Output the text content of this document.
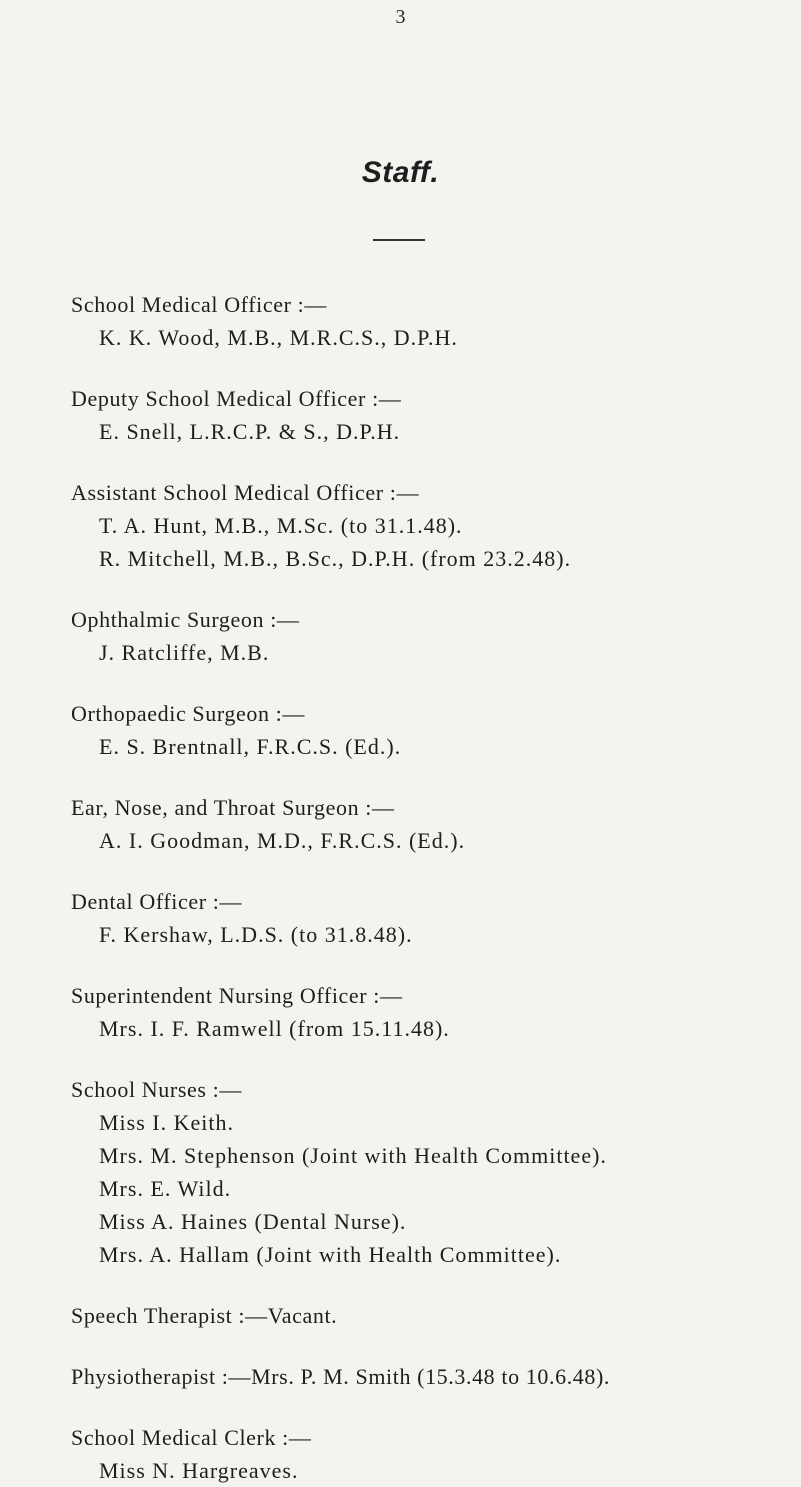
3
Staff.
School Medical Officer :—
K. K. Wood, M.B., M.R.C.S., D.P.H.
Deputy School Medical Officer :—
E. Snell, L.R.C.P. & S., D.P.H.
Assistant School Medical Officer :—
T. A. Hunt, M.B., M.Sc. (to 31.1.48).
R. Mitchell, M.B., B.Sc., D.P.H. (from 23.2.48).
Ophthalmic Surgeon :—
J. Ratcliffe, M.B.
Orthopaedic Surgeon :—
E. S. Brentnall, F.R.C.S. (Ed.).
Ear, Nose, and Throat Surgeon :—
A. I. Goodman, M.D., F.R.C.S. (Ed.).
Dental Officer :—
F. Kershaw, L.D.S. (to 31.8.48).
Superintendent Nursing Officer :—
Mrs. I. F. Ramwell (from 15.11.48).
School Nurses :—
Miss I. Keith.
Mrs. M. Stephenson (Joint with Health Committee).
Mrs. E. Wild.
Miss A. Haines (Dental Nurse).
Mrs. A. Hallam (Joint with Health Committee).
Speech Therapist :—Vacant.
Physiotherapist :—Mrs. P. M. Smith (15.3.48 to 10.6.48).
School Medical Clerk :—
Miss N. Hargreaves.
